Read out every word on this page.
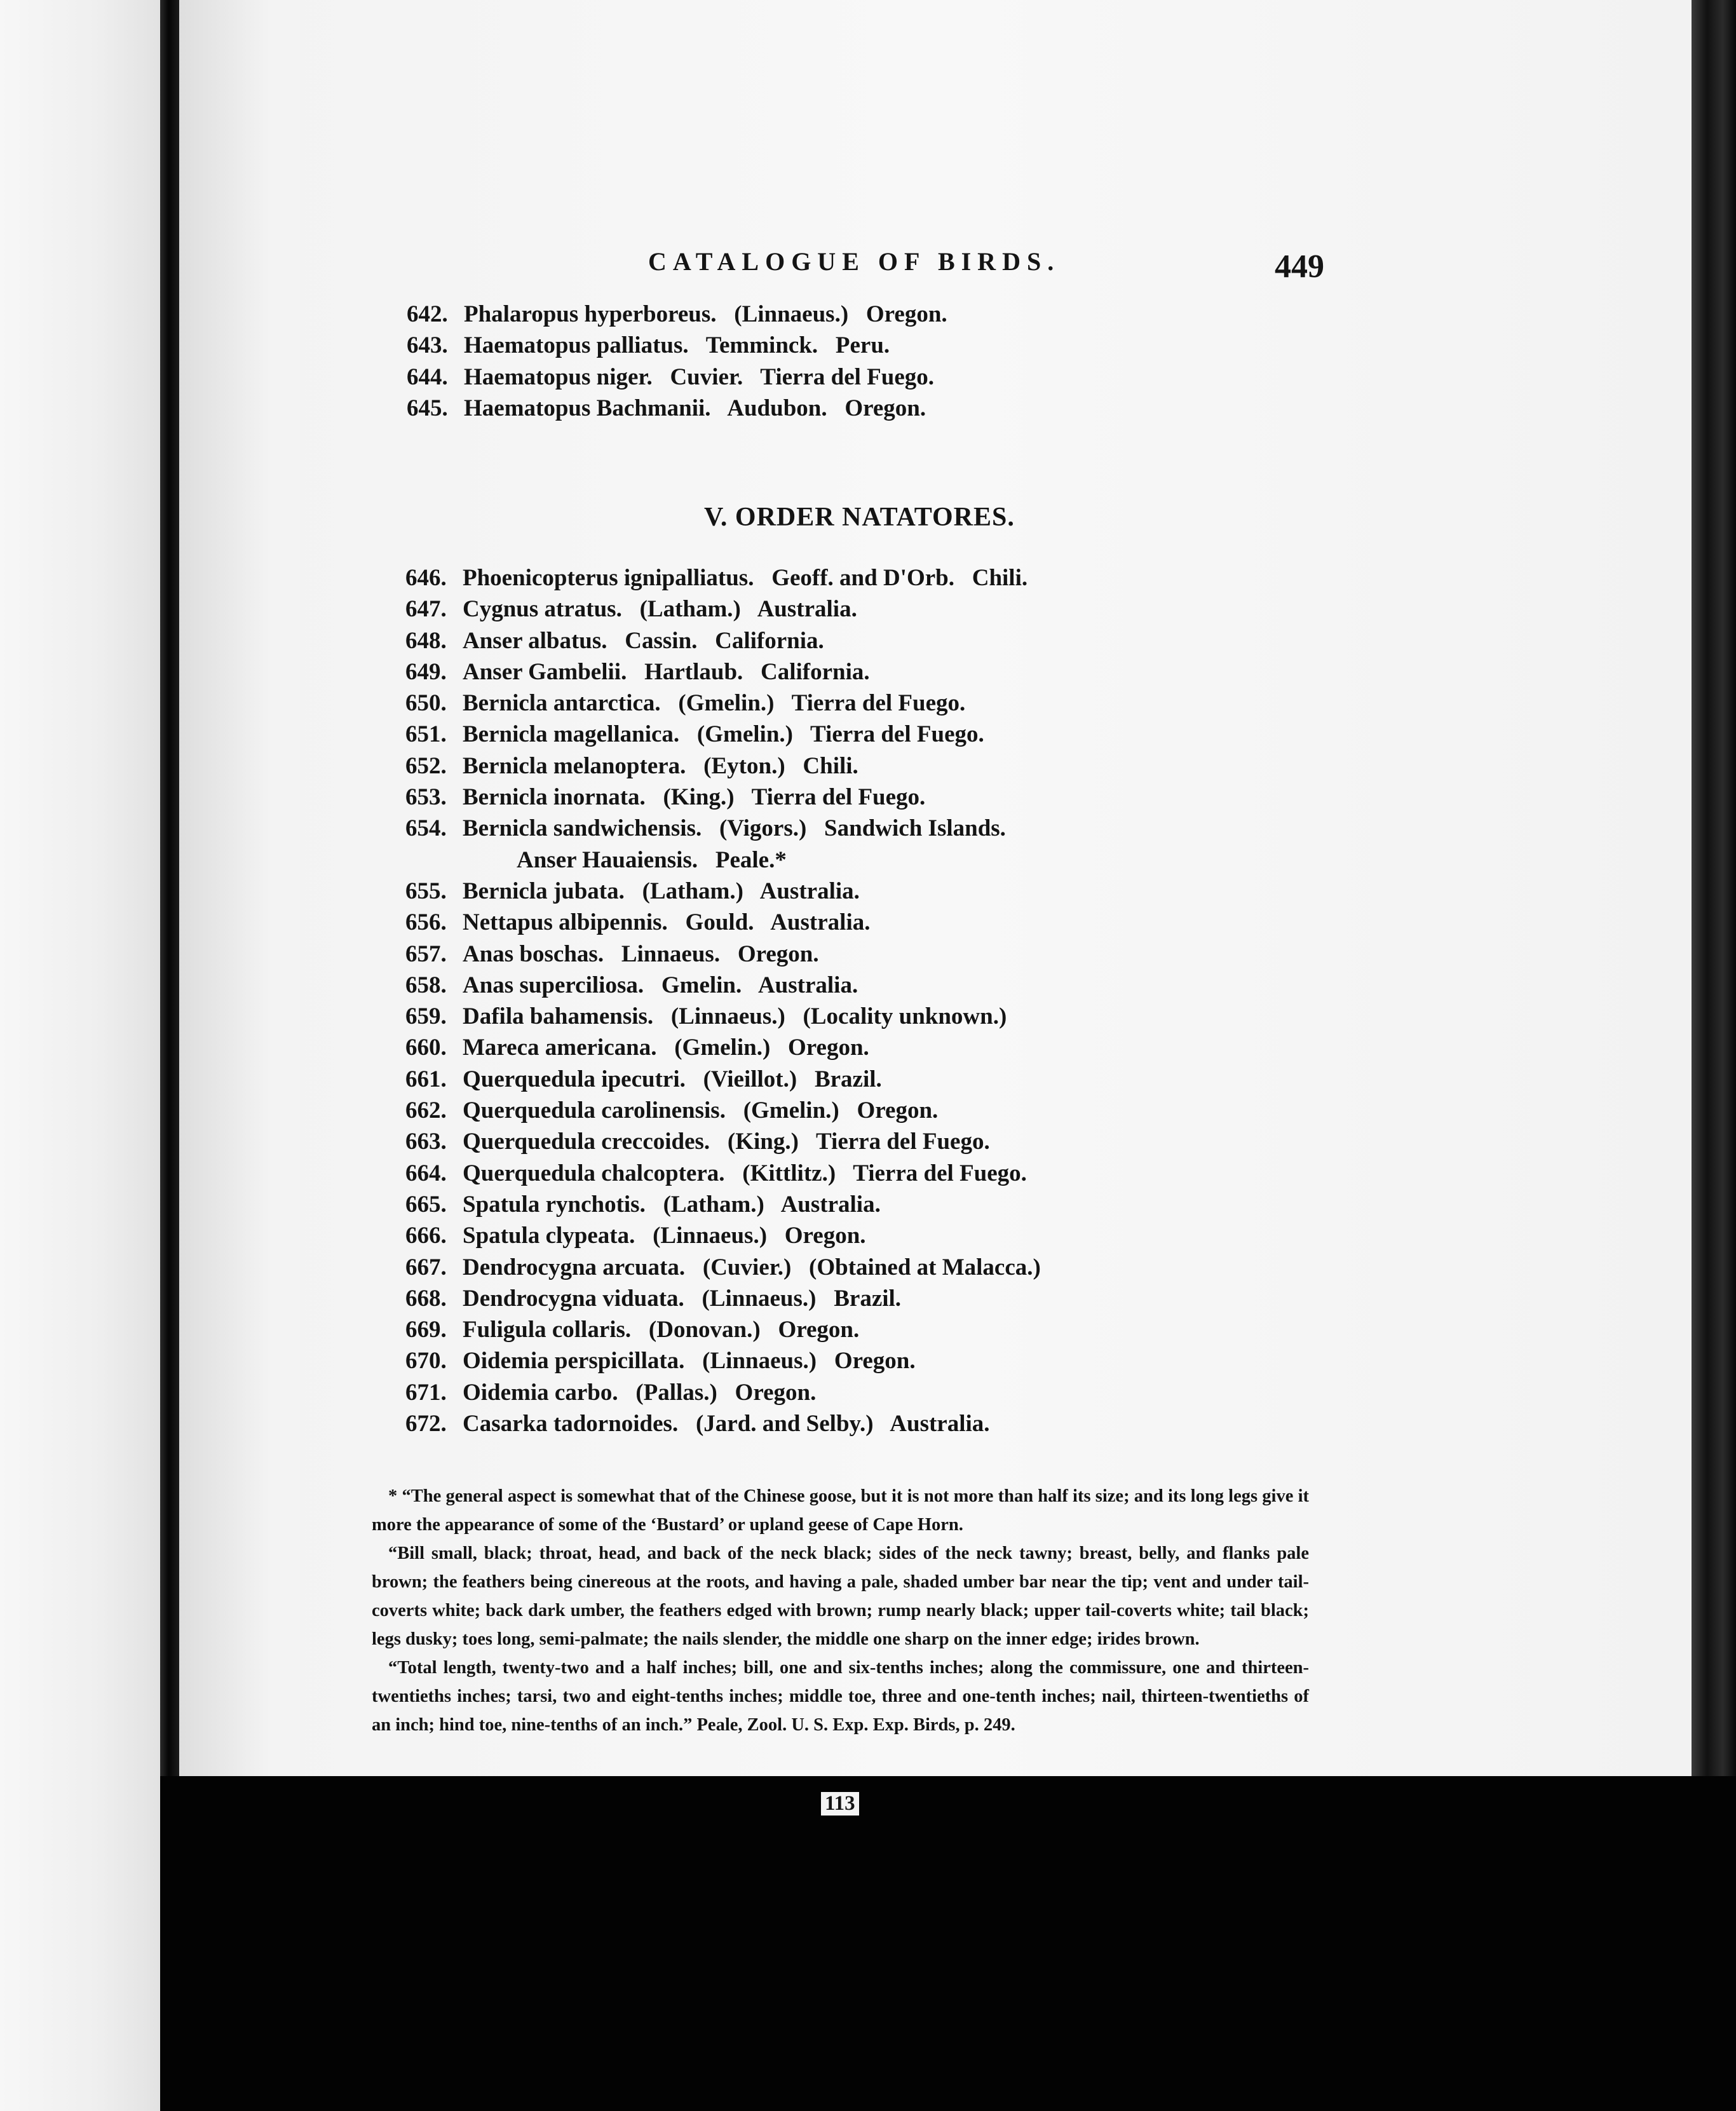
CATALOGUE OF BIRDS.	449
642. Phalaropus hyperboreus.   (Linnaeus.)   Oregon.
643. Haematopus palliatus.   Temminck.   Peru.
644. Haematopus niger.   Cuvier.   Tierra del Fuego.
645. Haematopus Bachmanii.   Audubon.   Oregon.
V. ORDER NATATORES.
646. Phoenicopterus ignipalliatus.   Geoff. and D'Orb.   Chili.
647. Cygnus atratus.   (Latham.)   Australia.
648. Anser albatus.   Cassin.   California.
649. Anser Gambelii.   Hartlaub.   California.
650. Bernicla antarctica.   (Gmelin.)   Tierra del Fuego.
651. Bernicla magellanica.   (Gmelin.)   Tierra del Fuego.
652. Bernicla melanoptera.   (Eyton.)   Chili.
653. Bernicla inornata.   (King.)   Tierra del Fuego.
654. Bernicla sandwichensis.   (Vigors.)   Sandwich Islands.
Anser Hauaiensis.   Peale.*
655. Bernicla jubata.   (Latham.)   Australia.
656. Nettapus albipennis.   Gould.   Australia.
657. Anas boschas.   Linnaeus.   Oregon.
658. Anas superciliosa.   Gmelin.   Australia.
659. Dafila bahamensis.   (Linnaeus.)   (Locality unknown.)
660. Mareca americana.   (Gmelin.)   Oregon.
661. Querquedula ipecutri.   (Vieillot.)   Brazil.
662. Querquedula carolinensis.   (Gmelin.)   Oregon.
663. Querquedula creccoides.   (King.)   Tierra del Fuego.
664. Querquedula chalcoptera.   (Kittlitz.)   Tierra del Fuego.
665. Spatula rynchotis.   (Latham.)   Australia.
666. Spatula clypeata.   (Linnaeus.)   Oregon.
667. Dendrocygna arcuata.   (Cuvier.)   (Obtained at Malacca.)
668. Dendrocygna viduata.   (Linnaeus.)   Brazil.
669. Fuligula collaris.   (Donovan.)   Oregon.
670. Oidemia perspicillata.   (Linnaeus.)   Oregon.
671. Oidemia carbo.   (Pallas.)   Oregon.
672. Casarka tadornoides.   (Jard. and Selby.)   Australia.

* “The general aspect is somewhat that of the Chinese goose, but it is not more than half its size; and its long legs give it more the appearance of some of the ‘Bustard’ or upland geese of Cape Horn.

“Bill small, black; throat, head, and back of the neck black; sides of the neck tawny; breast, belly, and flanks pale brown; the feathers being cinereous at the roots, and having a pale, shaded umber bar near the tip; vent and under tail-coverts white; back dark umber, the feathers edged with brown; rump nearly black; upper tail-coverts white; tail black; legs dusky; toes long, semi-palmate; the nails slender, the middle one sharp on the inner edge; irides brown.

“Total length, twenty-two and a half inches; bill, one and six-tenths inches; along the commissure, one and thirteen-twentieths inches; tarsi, two and eight-tenths inches; middle toe, three and one-tenth inches; nail, thirteen-twentieths of an inch; hind toe, nine-tenths of an inch.” Peale, Zool. U. S. Exp. Exp. Birds, p. 249.

113
